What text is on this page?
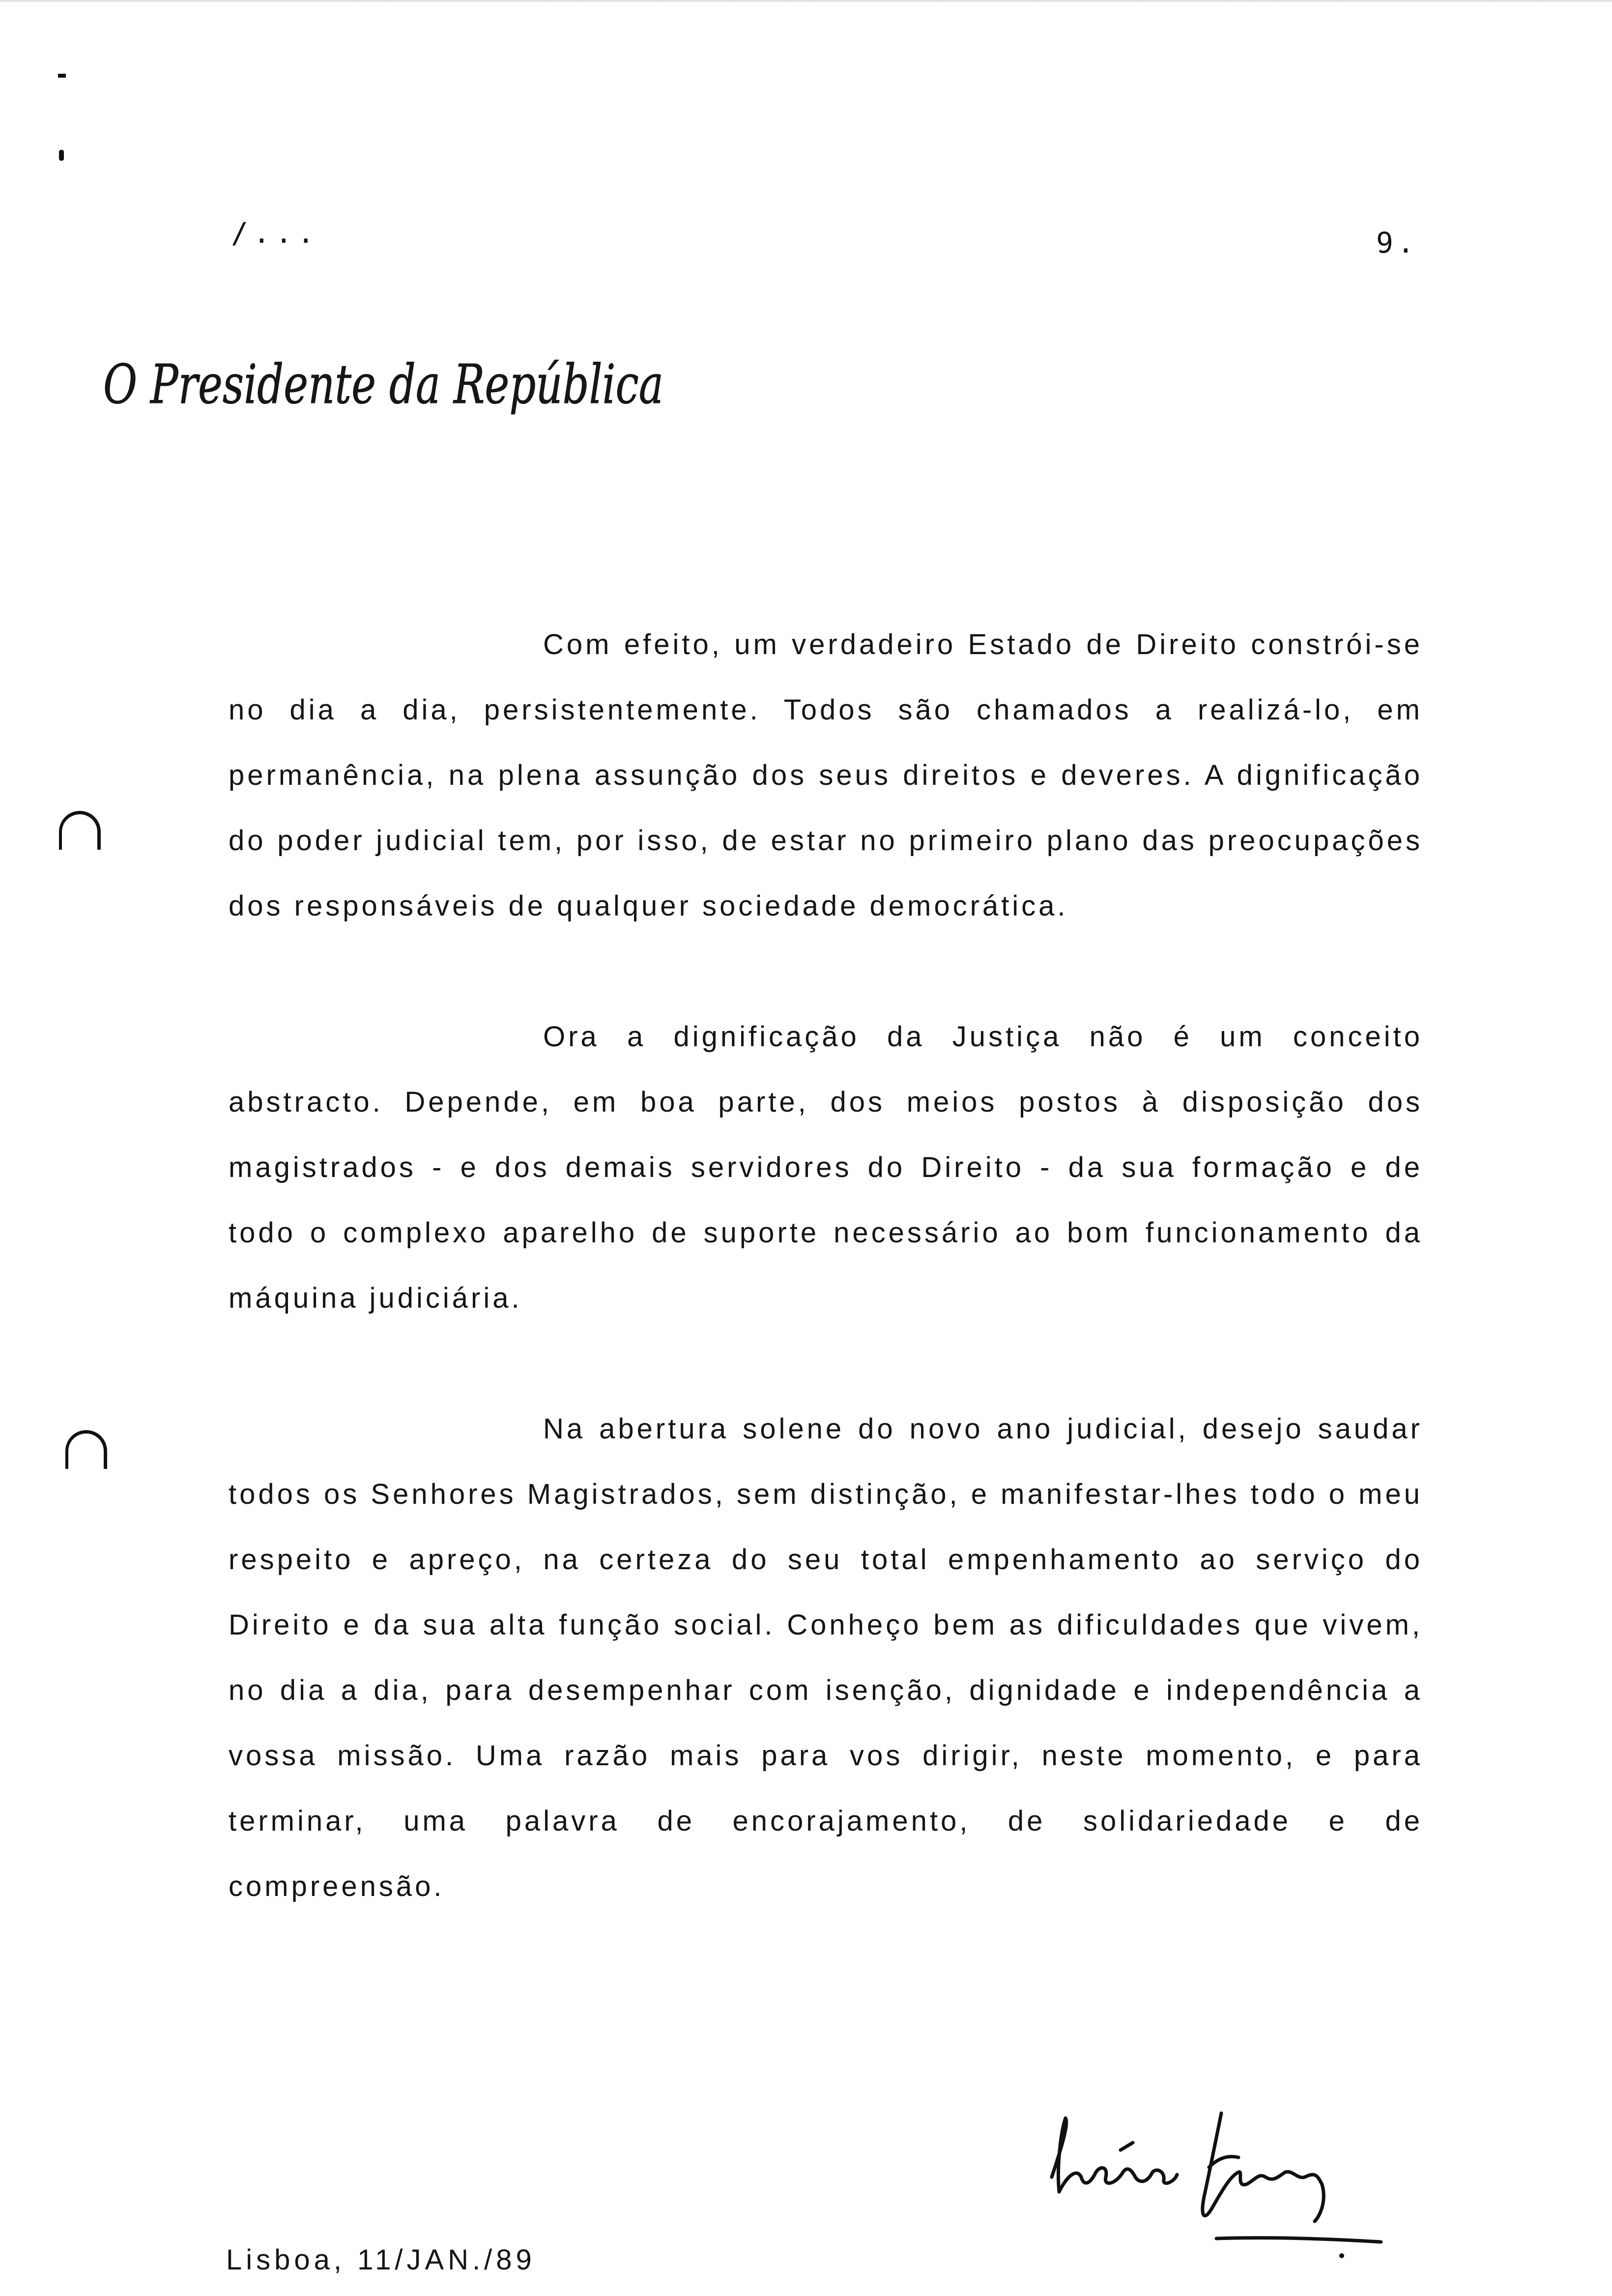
/...	9.
O Presidente da República

Com efeito, um verdadeiro Estado de Direito constrói-se no dia a dia, persistentemente. Todos são chamados a realizá-lo, em permanência, na plena assunção dos seus direitos e deveres. A dignificação do poder judicial tem, por isso, de estar no primeiro plano das preocupações dos responsáveis de qualquer sociedade democrática.

Ora a dignificação da Justiça não é um conceito abstracto. Depende, em boa parte, dos meios postos à disposição dos magistrados - e dos demais servidores do Direito - da sua formação e de todo o complexo aparelho de suporte necessário ao bom funcionamento da máquina judiciária.

Na abertura solene do novo ano judicial, desejo saudar todos os Senhores Magistrados, sem distinção, e manifestar-lhes todo o meu respeito e apreço, na certeza do seu total empenhamento ao serviço do Direito e da sua alta função social. Conheço bem as dificuldades que vivem, no dia a dia, para desempenhar com isenção, dignidade e independência a vossa missão. Uma razão mais para vos dirigir, neste momento, e para terminar, uma palavra de encorajamento, de solidariedade e de compreensão.

Lisboa, 11/JAN./89
